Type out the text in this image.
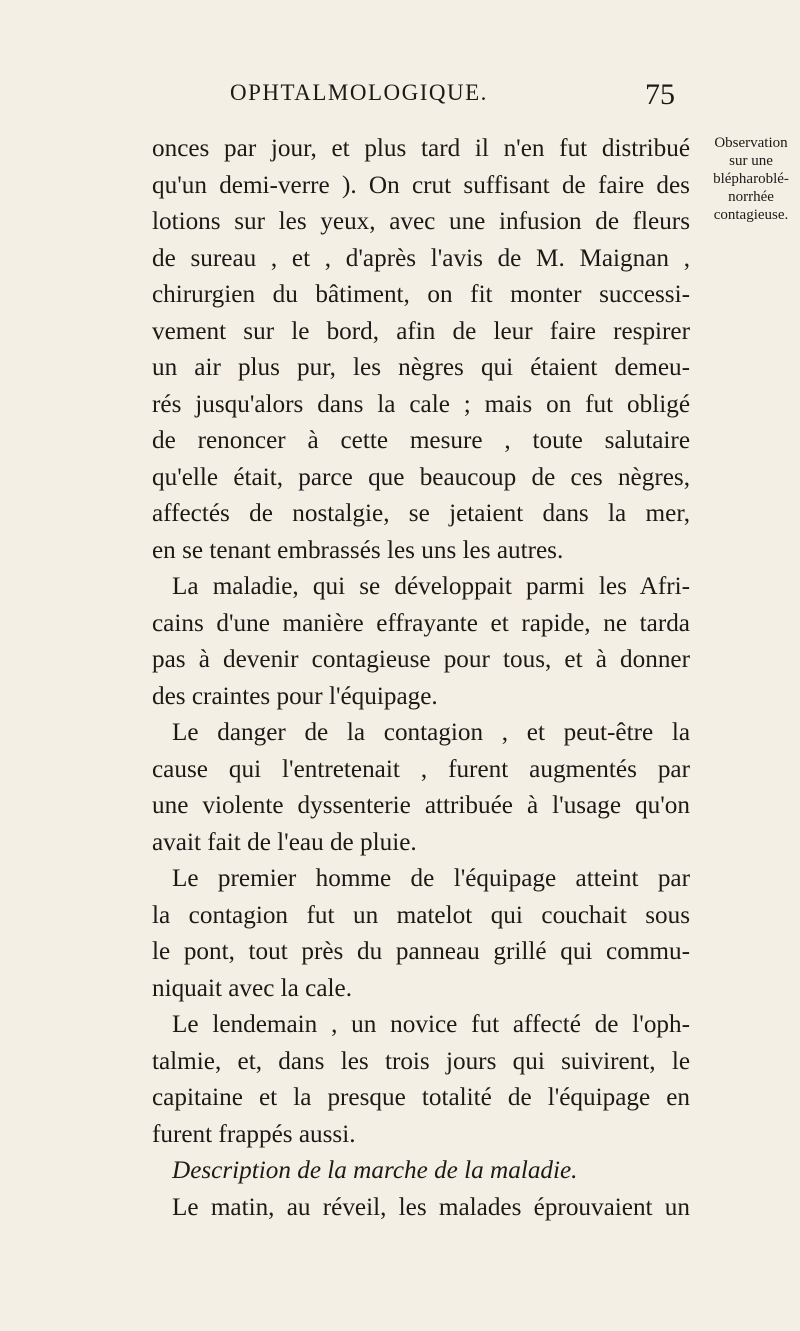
OPHTALMOLOGIQUE.	75
Observation
sur une
blépharoblé-
norrhée
contagieuse.
onces par jour, et plus tard il n'en fut distribué
qu'un demi-verre ). On crut suffisant de faire des
lotions sur les yeux, avec une infusion de fleurs
de sureau , et , d'après l'avis de M. Maignan ,
chirurgien du bâtiment, on fit monter successi-
vement sur le bord, afin de leur faire respirer
un air plus pur, les nègres qui étaient demeu-
rés jusqu'alors dans la cale ; mais on fut obligé
de renoncer à cette mesure , toute salutaire
qu'elle était, parce que beaucoup de ces nègres,
affectés de nostalgie, se jetaient dans la mer,
en se tenant embrassés les uns les autres.
La maladie, qui se développait parmi les Afri-
cains d'une manière effrayante et rapide, ne tarda
pas à devenir contagieuse pour tous, et à donner
des craintes pour l'équipage.
Le danger de la contagion , et peut-être la
cause qui l'entretenait , furent augmentés par
une violente dyssenterie attribuée à l'usage qu'on
avait fait de l'eau de pluie.
Le premier homme de l'équipage atteint par
la contagion fut un matelot qui couchait sous
le pont, tout près du panneau grillé qui commu-
niquait avec la cale.
Le lendemain , un novice fut affecté de l'oph-
talmie, et, dans les trois jours qui suivirent, le
capitaine et la presque totalité de l'équipage en
furent frappés aussi.
Description de la marche de la maladie.
Le matin, au réveil, les malades éprouvaient un
